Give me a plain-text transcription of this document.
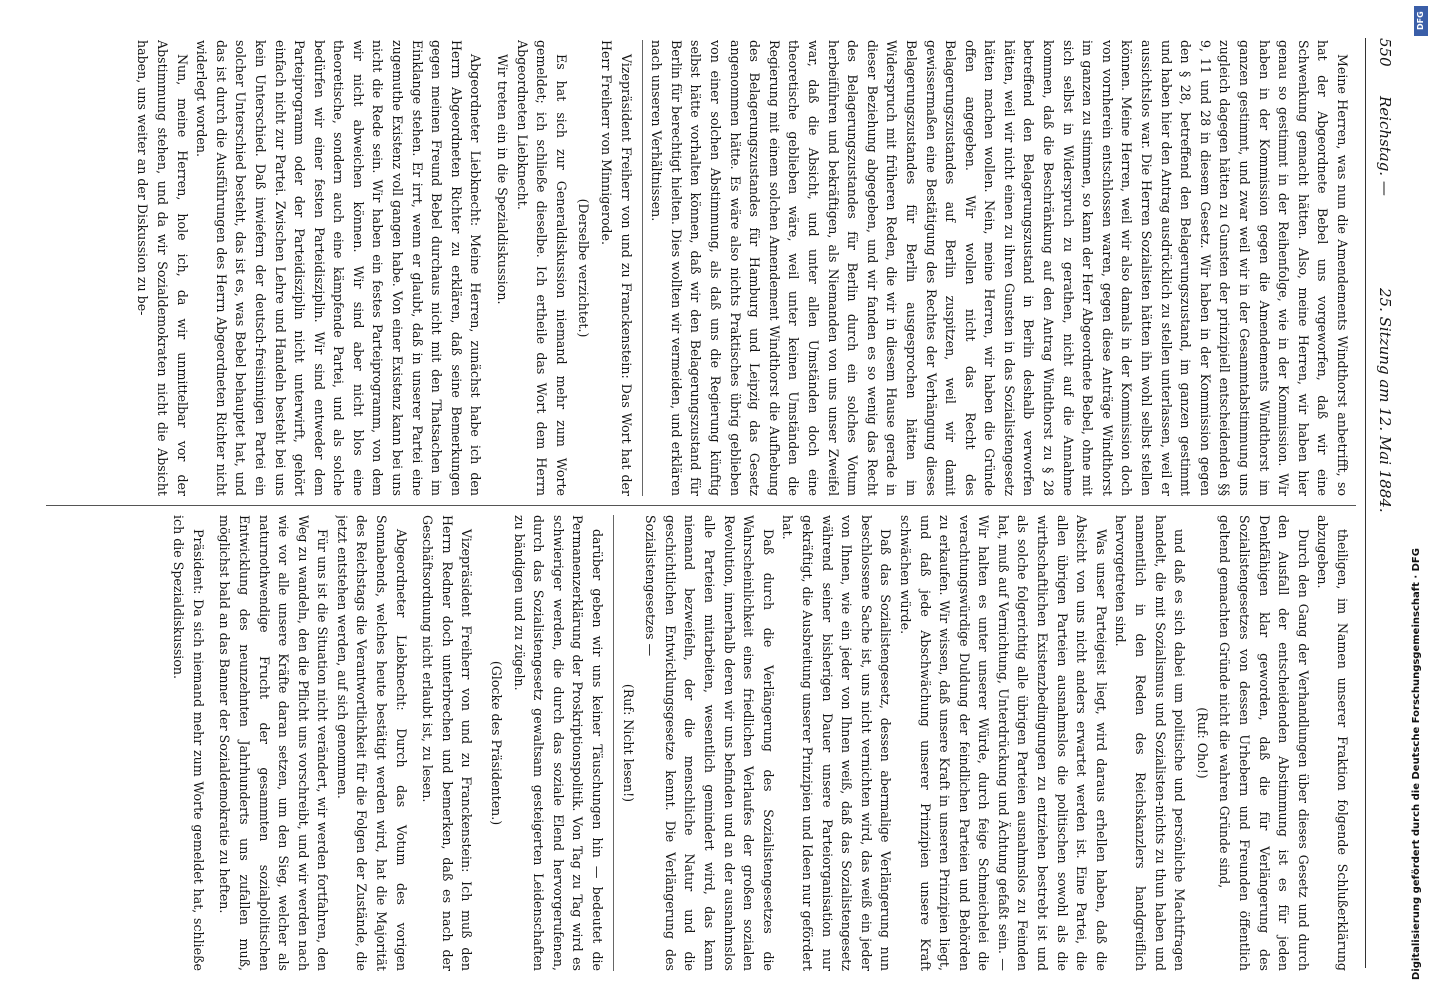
550
Reichstag. —
25. Sitzung am 12. Mai 1884.

Meine Herren, was nun die Amendements Windthorst anbetrifft, so hat der Abgeordnete Bebel uns vorgeworfen, daß wir eine Schwenkung gemacht hätten. Also, meine Herren, wir haben hier genau so gestimmt in der Reihenfolge, wie in der Kommission. Wir haben in der Kommission gegen die Amendements Windthorst im ganzen gestimmt, und zwar weil wir in der Gesammtabstimmung uns zugleich dagegen hätten zu Gunsten der prinzipiell entscheidenden §§ 9, 11 und 28 in diesem Gesetz. Wir haben in der Kommission gegen den § 28, betreffend den Belagerungszustand, im ganzen gestimmt und haben hier den Antrag ausdrücklich zu stellen unterlassen, weil er aussichtslos war. Die Herren Sozialisten hätten ihn wohl selbst stellen können. Meine Herren, weil wir also damals in der Kommission doch von vornherein entschlossen waren, gegen diese Anträge Windthorst im ganzen zu stimmen, so kann der Herr Abgeordnete Bebel, ohne mit sich selbst in Widerspruch zu gerathen, nicht auf die Annahme kommen, daß die Beschränkung auf den Antrag Windthorst zu § 28 betreffend den Belagerungszustand in Berlin deshalb verworfen hätten, weil wir nicht einen zu ihren Gunsten in das Sozialistengesetz hätten machen wollen. Nein, meine Herren, wir haben die Gründe offen angegeben. Wir wollen nicht das Recht des Belagerungszustandes auf Berlin zuspitzen, weil wir damit gewissermaßen eine Bestätigung des Rechtes der Verhängung dieses Belagerungszustandes für Berlin ausgesprochen hätten im Widerspruch mit früheren Reden, die wir in diesem Hause gerade in dieser Beziehung abgegeben, und wir fanden es so wenig das Recht des Belagerungszustandes für Berlin durch ein solches Votum herbeiführen und bekräftigen, als Niemanden von uns unser Zweifel war, daß die Absicht, und unter allen Umständen doch eine theoretische geblieben wäre, weil unter keinen Umständen die Regierung mit einem solchen Amendement Windthorst die Aufhebung des Belagerungszustandes für Hamburg und Leipzig das Gesetz angenommen hätte. Es wäre also nichts Praktisches übrig geblieben von einer solchen Abstimmung, als daß uns die Regierung künftig selbst hätte vorhalten können, daß wir den Belagerungszustand für Berlin für berechtigt hielten. Dies wollten wir vermeiden, und erklären nach unseren Verhältnissen.

Vizepräsident Freiherr von und zu Franckenstein: Das Wort hat der Herr Freiherr von Minnigerode.

(Derselbe verzichtet.)

Es hat sich zur Generaldiskussion niemand mehr zum Worte gemeldet; ich schließe dieselbe. Ich ertheile das Wort dem Herrn Abgeordneten Liebknecht.

Wir treten ein in die Spezialdiskussion.

Abgeordneter Liebknecht: Meine Herren, zunächst habe ich den Herrn Abgeordneten Richter zu erklären, daß seine Bemerkungen gegen meinen Freund Bebel durchaus nicht mit den Thatsachen im Einklange stehen. Er irrt, wenn er glaubt, daß in unserer Partei eine zugemuthe Existenz voll gangen habe. Von einer Existenz kann bei uns nicht die Rede sein. Wir haben ein festes Parteiprogramm, von dem wir nicht abweichen können. Wir sind aber nicht blos eine theoretische, sondern auch eine kämpfende Partei, und als solche bedürfen wir einer festen Parteidisziplin. Wir sind entweder dem Parteiprogramm oder der Parteidisziplin nicht unterwirft, gehört einfach nicht zur Partei. Zwischen Lehre und Handeln besteht bei uns kein Unterschied. Daß inwiefern der deutsch-freisinnigen Partei ein solcher Unterschied besteht, das ist es, was Bebel behauptet hat, und das ist durch die Ausführungen des Herrn Abgeordneten Richter nicht widerlegt worden.

Nun, meine Herren, hole ich, da wir unmittelbar vor der Abstimmung stehen, und da wir Sozialdemokraten nicht die Absicht haben, uns weiter an der Diskussion zu be-

theiligen, im Namen unserer Fraktion folgende Schlußerklärung abzugeben.

Durch den Gang der Verhandlungen über dieses Gesetz und durch den Ausfall der entscheidenden Abstimmung ist es für jeden Denkfähigen klar geworden, daß die für Verlängerung des Sozialistengesetzes von dessen Urhebern und Freunden öffentlich geltend gemachten Gründe nicht die wahren Gründe sind,

(Ruf: Oho!)

und daß es sich dabei um politische und persönliche Machtfragen handelt, die mit Sozialismus und Sozialisten-nichts zu thun haben und namentlich in den Reden des Reichskanzlers handgreiflich hervorgetreten sind.

Was unser Parteigeist liegt, wird daraus erhellen haben, daß die Absicht von uns nicht anders erwartet werden ist. Eine Partei, die allen übrigen Parteien ausnahmslos die politischen sowohl als die wirthschaftlichen Existenzbedingungen zu entziehen bestrebt ist und als solche folgerichtig alle übrigen Parteien ausnahmslos zu Feinden hat, muß auf Vernichtung, Unterdrückung und Ächtung gefaßt sein. — Wir halten es unter unserer Würde, durch feige Schmeichelei die verachtungswürdige Duldung der feindlichen Parteien und Behörden zu erkaufen. Wir wissen, daß unsere Kraft in unseren Prinzipien liegt, und daß jede Abschwächung unserer Prinzipien unsere Kraft schwächen würde.

Daß das Sozialistengesetz, dessen abermalige Verlängerung nun beschlossene Sache ist, uns nicht vernichten wird, das weiß ein jeder von Ihnen, wie ein jeder von Ihnen weiß, daß das Sozialistengesetz während seiner bisherigen Dauer unsere Parteiorganisation nur gekräftigt, die Ausbreitung unserer Prinzipien und Ideen nur gefördert hat.

Daß durch die Verlängerung des Sozialistengesetzes die Wahrscheinlichkeit eines friedlichen Verlaufes der großen sozialen Revolution, innerhalb deren wir uns befinden und an der ausnahmslos alle Parteien mitarbeiten, wesentlich gemindert wird, das kann niemand bezweifeln, der die menschliche Natur und die geschichtlichen Entwicklungsgesetze kennt. Die Verlängerung des Sozialistengesetzes —

(Ruf: Nicht lesen!)

darüber geben wir uns keiner Täuschungen hin — bedeutet die Permanenzerklärung der Proskriptionspolitik. Von Tag zu Tag wird es schwieriger werden, die durch das soziale Elend hervorgerufenen, durch das Sozialistengesetz gewaltsam gesteigerten Leidenschaften zu bändigen und zu zügeln.

(Glocke des Präsidenten.)

Vizepräsident Freiherr von und zu Franckenstein: Ich muß den Herrn Redner doch unterbrechen und bemerken, daß es nach der Geschäftsordnung nicht erlaubt ist, zu lesen.

Abgeordneter Liebknecht: Durch das Votum des vorigen Sonnabends, welches heute bestätigt werden wird, hat die Majorität des Reichstags die Verantwortlichkeit für die Folgen der Zustände, die jetzt entstehen werden, auf sich genommen.

Für uns ist die Situation nicht verändert, wir werden fortfahren, den Weg zu wandeln, den die Pflicht uns vorschreibt, und wir werden nach wie vor alle unsere Kräfte daran setzen, um den Sieg, welcher als naturnothwendige Frucht der gesammten sozialpolitischen Entwicklung des neunzehnten Jahrhunderts uns zufallen muß, möglichst bald an das Banner der Sozialdemokratie zu heften.

Präsident: Da sich niemand mehr zum Worte gemeldet hat, schließe ich die Spezialdiskussion.	Digitalisierung gefördert durch die Deutsche Forschungsgemeinschaft · DFG
DFG
